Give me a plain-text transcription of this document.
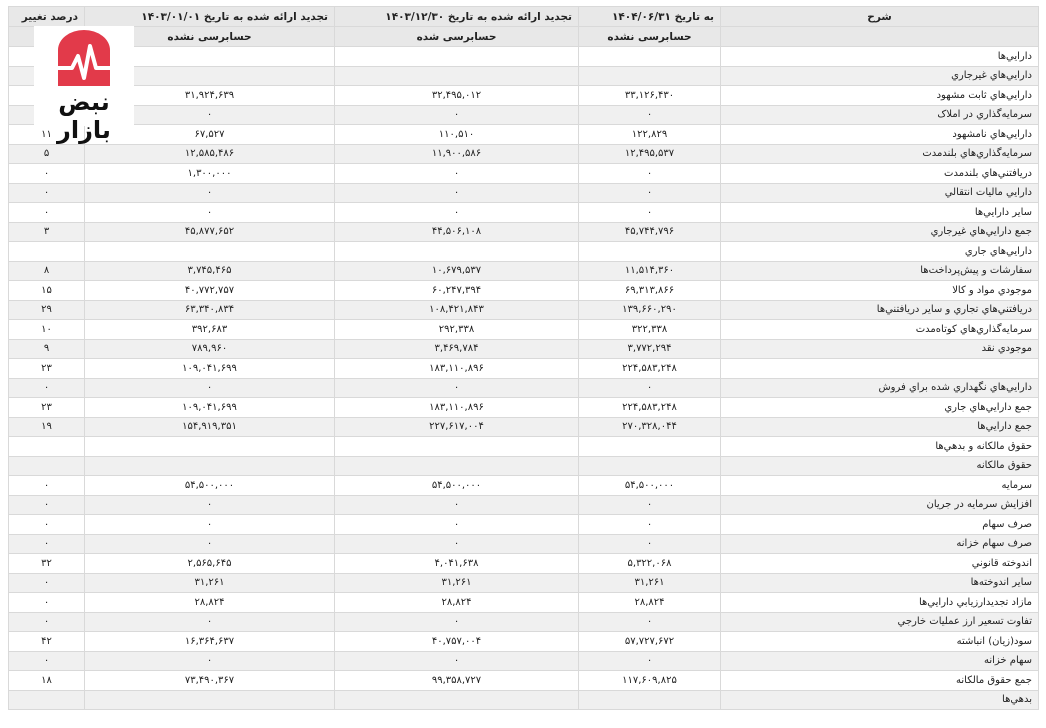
نبض بازار
شرح	به تاریخ ۱۴۰۴/۰۶/۳۱	تجدید ارائه شده به تاریخ ۱۴۰۳/۱۲/۳۰	تجدید ارائه شده به تاریخ ۱۴۰۳/۰۱/۰۱	درصد تغییر
	حسابرسی نشده	حسابرسی شده	حسابرسی نشده	
دارايي‌ها				
دارايي‌هاي غيرجاري				
دارايي‌هاي ثابت مشهود	۳۳,۱۲۶,۴۳۰	۳۲,۴۹۵,۰۱۲	۳۱,۹۲۴,۶۳۹	
سرمايه‌گذاري در املاک	۰	۰	۰	
دارايي‌هاي نامشهود	۱۲۲,۸۲۹	۱۱۰,۵۱۰	۶۷,۵۲۷	۱۱
سرمايه‌گذاري‌هاي بلندمدت	۱۲,۴۹۵,۵۳۷	۱۱,۹۰۰,۵۸۶	۱۲,۵۸۵,۴۸۶	۵
دريافتني‌هاي بلندمدت	۰	۰	۱,۳۰۰,۰۰۰	۰
دارايي ماليات انتقالي	۰	۰	۰	۰
ساير دارايي‌ها	۰	۰	۰	۰
جمع دارايي‌هاي غيرجاري	۴۵,۷۴۴,۷۹۶	۴۴,۵۰۶,۱۰۸	۴۵,۸۷۷,۶۵۲	۳
دارايي‌هاي جاري				
سفارشات و پيش‌پرداخت‌ها	۱۱,۵۱۴,۳۶۰	۱۰,۶۷۹,۵۳۷	۳,۷۴۵,۴۶۵	۸
موجودي مواد و کالا	۶۹,۳۱۳,۸۶۶	۶۰,۲۴۷,۳۹۴	۴۰,۷۷۲,۷۵۷	۱۵
دريافتني‌هاي تجاري و ساير دريافتني‌ها	۱۳۹,۶۶۰,۲۹۰	۱۰۸,۴۲۱,۸۴۳	۶۳,۳۴۰,۸۳۴	۲۹
سرمايه‌گذاري‌هاي کوتاه‌مدت	۳۲۲,۳۳۸	۲۹۲,۳۳۸	۳۹۲,۶۸۳	۱۰
موجودي نقد	۳,۷۷۲,۲۹۴	۳,۴۶۹,۷۸۴	۷۸۹,۹۶۰	۹
	۲۲۴,۵۸۳,۲۴۸	۱۸۳,۱۱۰,۸۹۶	۱۰۹,۰۴۱,۶۹۹	۲۳
دارايي‌هاي نگهداري شده براي فروش	۰	۰	۰	۰
جمع دارايي‌هاي جاري	۲۲۴,۵۸۳,۲۴۸	۱۸۳,۱۱۰,۸۹۶	۱۰۹,۰۴۱,۶۹۹	۲۳
جمع دارايي‌ها	۲۷۰,۳۲۸,۰۴۴	۲۲۷,۶۱۷,۰۰۴	۱۵۴,۹۱۹,۳۵۱	۱۹
حقوق مالکانه و بدهي‌ها				
حقوق مالکانه				
سرمايه	۵۴,۵۰۰,۰۰۰	۵۴,۵۰۰,۰۰۰	۵۴,۵۰۰,۰۰۰	۰
افزايش سرمايه در جريان	۰	۰	۰	۰
صرف سهام	۰	۰	۰	۰
صرف سهام خزانه	۰	۰	۰	۰
اندوخته قانوني	۵,۳۲۲,۰۶۸	۴,۰۴۱,۶۳۸	۲,۵۶۵,۶۴۵	۳۲
ساير اندوخته‌ها	۳۱,۲۶۱	۳۱,۲۶۱	۳۱,۲۶۱	۰
مازاد تجديدارزيابي دارايي‌ها	۲۸,۸۲۴	۲۸,۸۲۴	۲۸,۸۲۴	۰
تفاوت تسعير ارز عمليات خارجي	۰	۰	۰	۰
سود(زيان) انباشته	۵۷,۷۲۷,۶۷۲	۴۰,۷۵۷,۰۰۴	۱۶,۳۶۴,۶۳۷	۴۲
سهام خزانه	۰	۰	۰	۰
جمع حقوق مالکانه	۱۱۷,۶۰۹,۸۲۵	۹۹,۳۵۸,۷۲۷	۷۳,۴۹۰,۳۶۷	۱۸
بدهي‌ها				
